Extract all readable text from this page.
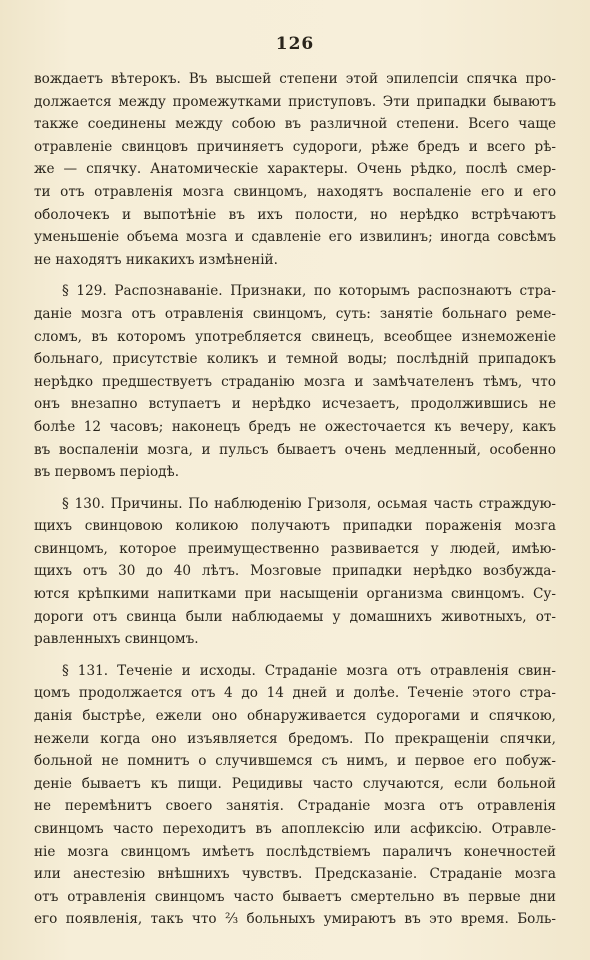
126
вождаетъ вѣтерокъ. Въ высшей степени этой эпилепсіи спячка про-
должается между промежутками приступовъ. Эти припадки бываютъ
также соединены между собою въ различной степени. Всего чаще
отравленіе свинцовъ причиняетъ судороги, рѣже бредъ и всего рѣ-
же — спячку. Анатомическіе характеры. Очень рѣдко, послѣ смер-
ти отъ отравленія мозга свинцомъ, находятъ воспаленіе его и его
оболочекъ и выпотѣніе въ ихъ полости, но нерѣдко встрѣчаютъ
уменьшеніе объема мозга и сдавленіе его извилинъ; иногда совсѣмъ
не находятъ никакихъ измѣненій.
§ 129. Распознаваніе. Признаки, по которымъ распознаютъ стра-
даніе мозга отъ отравленія свинцомъ, суть: занятіе больнаго реме-
сломъ, въ которомъ употребляется свинецъ, всеобщее изнеможеніе
больнаго, присутствіе коликъ и темной воды; послѣдній припадокъ
нерѣдко предшествуетъ страданію мозга и замѣчателенъ тѣмъ, что
онъ внезапно вступаетъ и нерѣдко исчезаетъ, продолжившись не
болѣе 12 часовъ; наконецъ бредъ не ожесточается къ вечеру, какъ
въ воспаленіи мозга, и пульсъ бываетъ очень медленный, особенно
въ первомъ періодѣ.
§ 130. Причины. По наблюденію Гризоля, осьмая часть страждую-
щихъ свинцовою коликою получаютъ припадки пораженія мозга
свинцомъ, которое преимущественно развивается у людей, имѣю-
щихъ отъ 30 до 40 лѣтъ. Мозговые припадки нерѣдко возбужда-
ются крѣпкими напитками при насыщеніи организма свинцомъ. Су-
дороги отъ свинца были наблюдаемы у домашнихъ животныхъ, от-
равленныхъ свинцомъ.
§ 131. Теченіе и исходы. Страданіе мозга отъ отравленія свин-
цомъ продолжается отъ 4 до 14 дней и долѣе. Теченіе этого стра-
данія быстрѣе, ежели оно обнаруживается судорогами и спячкою,
нежели когда оно изъявляется бредомъ. По прекращеніи спячки,
больной не помнитъ о случившемся съ нимъ, и первое его побуж-
деніе бываетъ къ пищи. Рецидивы часто случаются, если больной
не перемѣнитъ своего занятія. Страданіе мозга отъ отравленія
свинцомъ часто переходитъ въ апоплексію или асфиксію. Отравле-
ніе мозга свинцомъ имѣетъ послѣдствіемъ параличъ конечностей
или анестезію внѣшнихъ чувствъ. Предсказаніе. Страданіе мозга
отъ отравленія свинцомъ часто бываетъ смертельно въ первые дни
его появленія, такъ что ⅔ больныхъ умираютъ въ это время. Боль-
